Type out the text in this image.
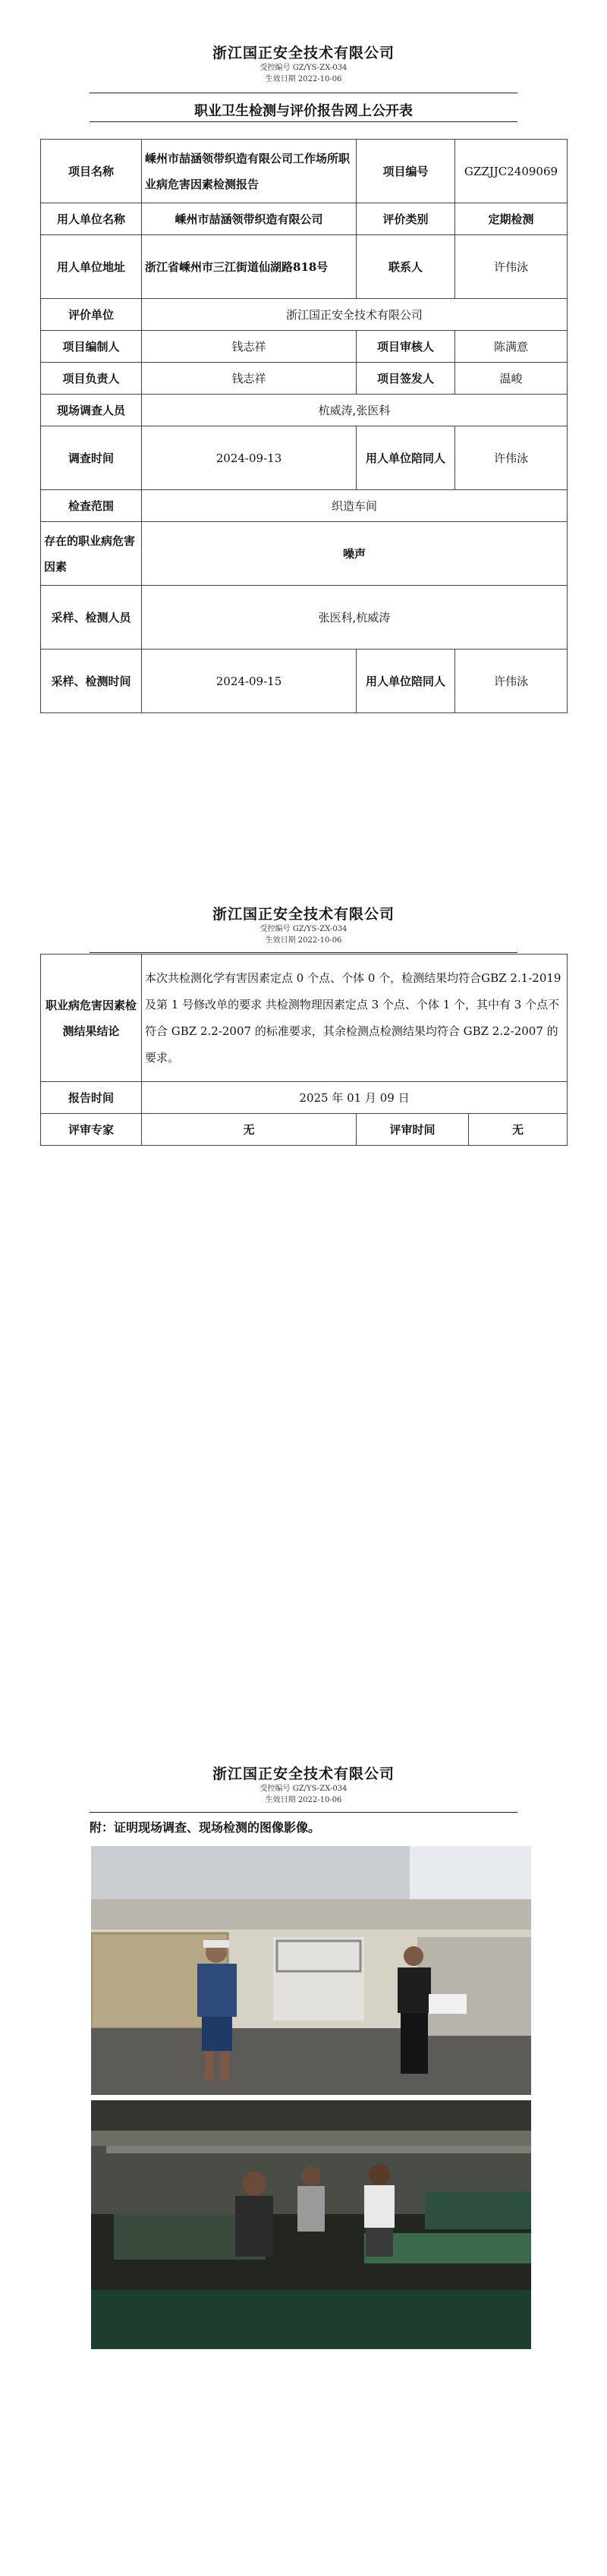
浙江国正安全技术有限公司
受控编号 GZ/YS-ZX-034
生效日期 2022-10-06
职业卫生检测与评价报告网上公开表
项目名称	嵊州市喆涵领带织造有限公司工作场所职业病危害因素检测报告	项目编号	GZZJJC2409069
用人单位名称	嵊州市喆涵领带织造有限公司	评价类别	定期检测
用人单位地址	浙江省嵊州市三江街道仙湖路818号	联系人	许伟泳
评价单位	浙江国正安全技术有限公司		
项目编制人	钱志祥	项目审核人	陈满意
项目负责人	钱志祥	项目签发人	温峻
现场调查人员	杭威涛,张医科		
调查时间	2024-09-13	用人单位陪同人	许伟泳
检查范围	织造车间		
存在的职业病危害因素	噪声		
采样、检测人员	张医科,杭威涛		
采样、检测时间	2024-09-15	用人单位陪同人	许伟泳
浙江国正安全技术有限公司
受控编号 GZ/YS-ZX-034
生效日期 2022-10-06
职业病危害因素检测结果结论	本次共检测化学有害因素定点 0 个点、个体 0 个，检测结果均符合GBZ 2.1-2019 及第 1 号修改单的要求 共检测物理因素定点 3 个点、个体 1 个，其中有 3 个点不符合 GBZ 2.2-2007 的标准要求，其余检测点检测结果均符合 GBZ 2.2-2007 的要求。		
报告时间	2025 年 01 月 09 日		
评审专家	无	评审时间	无
浙江国正安全技术有限公司
受控编号 GZ/YS-ZX-034
生效日期 2022-10-06
附：证明现场调查、现场检测的图像影像。
